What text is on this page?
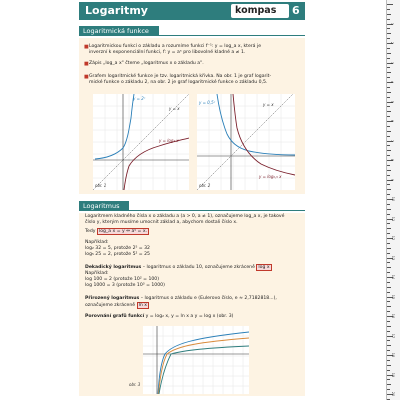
Logaritmy	kompas 6
Logaritmická funkce
■ Logaritmickou funkcí o základu a rozumíme funkci f⁻¹: y = log_a x, která je
inverzní k exponenciální funkci, f: y = aˣ pro libovolné kladné a ≠ 1.
■ Zápis „log_a x" čteme „logaritmus x o základu a".
■ Grafem logaritmické funkce je tzv. logaritmická křivka. Na obr. 1 je graf logarit-
mické funkce o základu 2, na obr. 2 je graf logaritmické funkce o základu 0,5.
y = 2ˣ
y = x
y = log₂ x
obr. 1
y = 0,5ˣ	y = x
y = log₀,₅ x
obr. 2
Logaritmus
Logaritmem kladného čísla x o základu a (a > 0, a ≠ 1), označujeme log_a x, je takové
číslo y, kterým musíme umocnit základ a, abychom dostali číslo x.
Tedy log_a x = y ⇔ aʸ = x.
Například:
log₂ 32 = 5, protože 2⁵ = 32
log₅ 25 = 2, protože 5² = 25
Dekadický logaritmus – logaritmus o základu 10, označujeme zkráceně log x
Například:
log 100 = 2 (protože 10² = 100)
log 1000 = 3 (protože 10³ = 1000)
Přirozený logaritmus – logaritmus o základu e (Eulerovo číslo, e ≈ 2,7182818...),
označujeme zkráceně ln x
Porovnání grafů funkcí y = log₂ x, y = ln x a y = log x (obr. 3)
obr. 3
1
2
3
4
5
6
7
8
9
10
11
12
13
14
15
16
17
18
19
20
